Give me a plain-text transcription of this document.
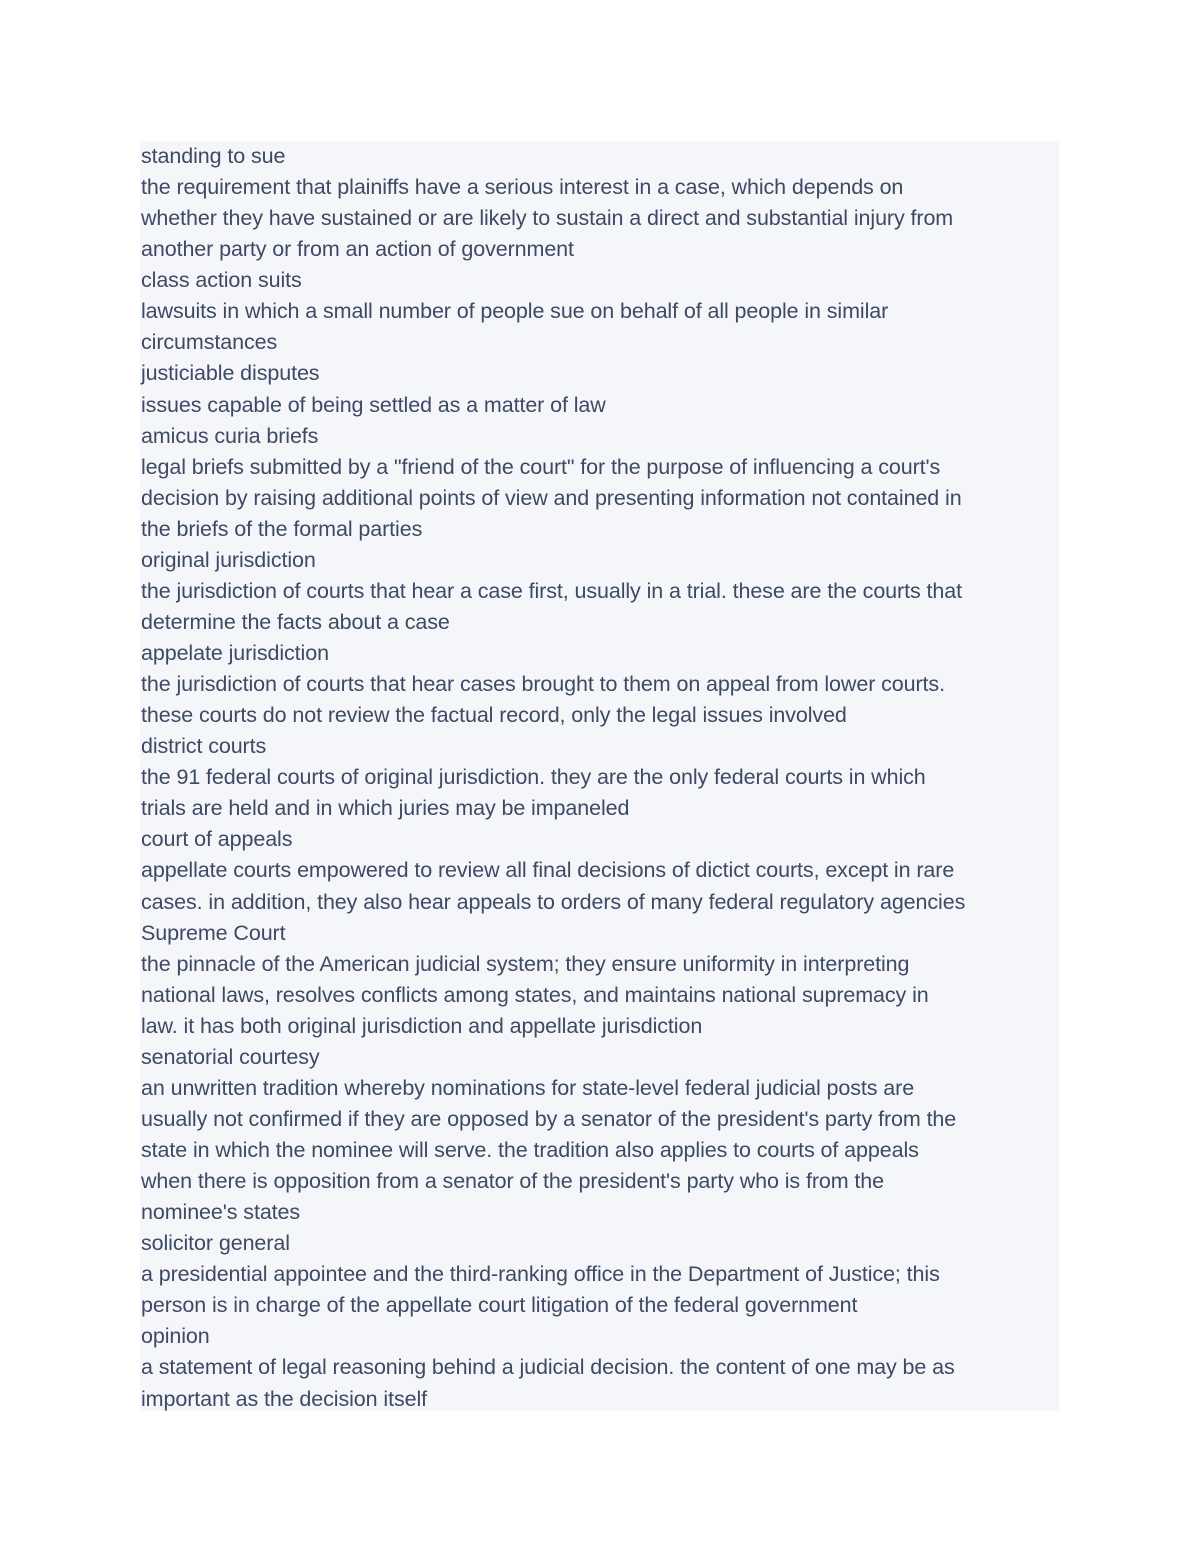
standing to sue
the requirement that plainiffs have a serious interest in a case, which depends on
whether they have sustained or are likely to sustain a direct and substantial injury from
another party or from an action of government
class action suits
lawsuits in which a small number of people sue on behalf of all people in similar
circumstances
justiciable disputes
issues capable of being settled as a matter of law
amicus curia briefs
legal briefs submitted by a "friend of the court" for the purpose of influencing a court's
decision by raising additional points of view and presenting information not contained in
the briefs of the formal parties
original jurisdiction
the jurisdiction of courts that hear a case first, usually in a trial. these are the courts that
determine the facts about a case
appelate jurisdiction
the jurisdiction of courts that hear cases brought to them on appeal from lower courts.
these courts do not review the factual record, only the legal issues involved
district courts
the 91 federal courts of original jurisdiction. they are the only federal courts in which
trials are held and in which juries may be impaneled
court of appeals
appellate courts empowered to review all final decisions of dictict courts, except in rare
cases. in addition, they also hear appeals to orders of many federal regulatory agencies
Supreme Court
the pinnacle of the American judicial system; they ensure uniformity in interpreting
national laws, resolves conflicts among states, and maintains national supremacy in
law. it has both original jurisdiction and appellate jurisdiction
senatorial courtesy
an unwritten tradition whereby nominations for state-level federal judicial posts are
usually not confirmed if they are opposed by a senator of the president's party from the
state in which the nominee will serve. the tradition also applies to courts of appeals
when there is opposition from a senator of the president's party who is from the
nominee's states
solicitor general
a presidential appointee and the third-ranking office in the Department of Justice; this
person is in charge of the appellate court litigation of the federal government
opinion
a statement of legal reasoning behind a judicial decision. the content of one may be as
important as the decision itself
